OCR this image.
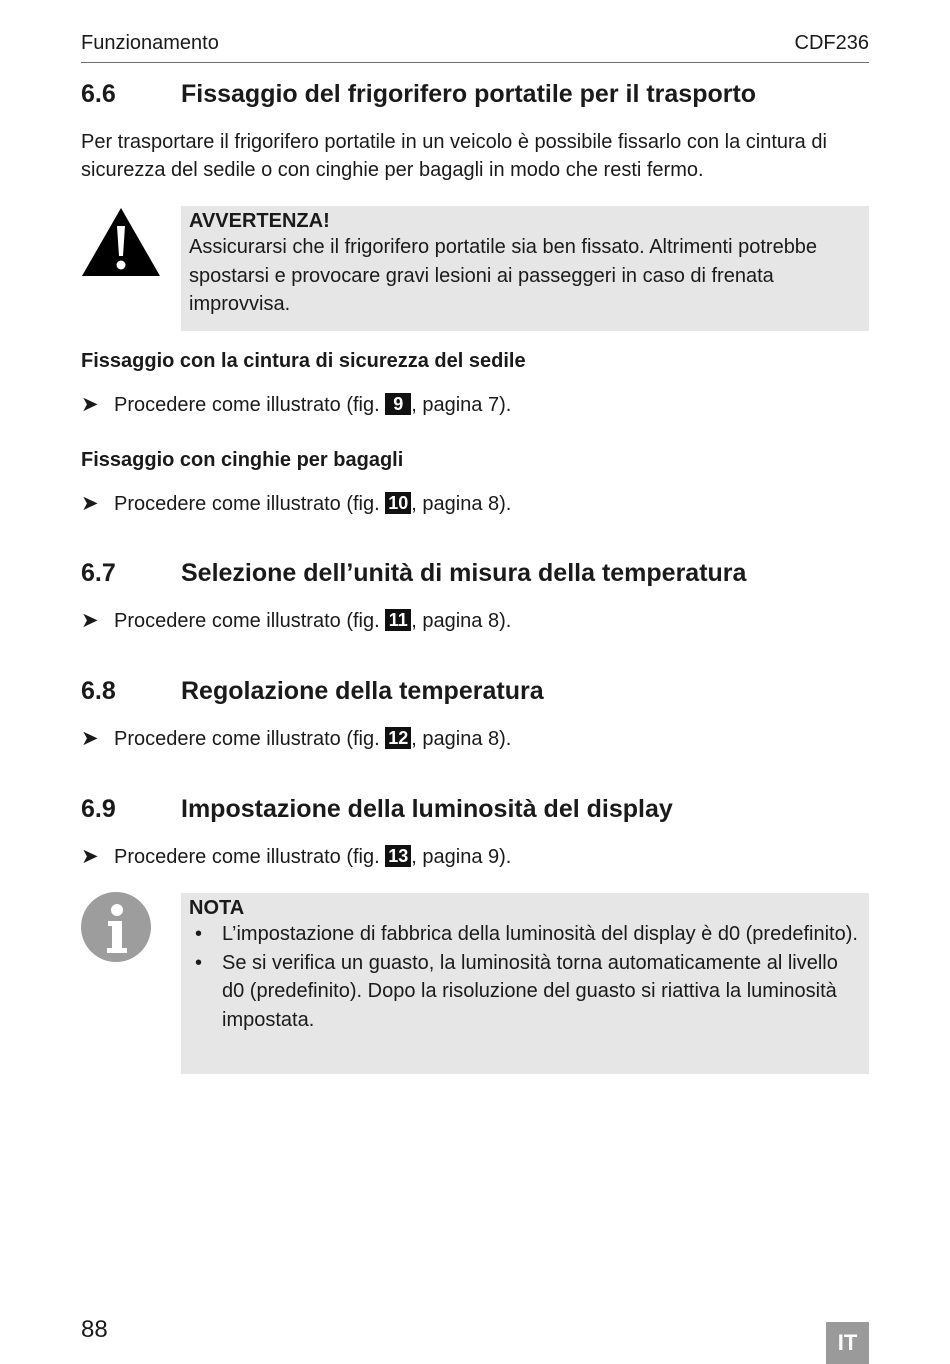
Funzionamento	CDF236
6.6	Fissaggio del frigorifero portatile per il trasporto
Per trasportare il frigorifero portatile in un veicolo è possibile fissarlo con la cintura di sicurezza del sedile o con cinghie per bagagli in modo che resti fermo.
AVVERTENZA!
Assicurarsi che il frigorifero portatile sia ben fissato. Altrimenti potrebbe spostarsi e provocare gravi lesioni ai passeggeri in caso di frenata improvvisa.
Fissaggio con la cintura di sicurezza del sedile
➤ Procedere come illustrato (fig. 9 , pagina 7).
Fissaggio con cinghie per bagagli
➤ Procedere come illustrato (fig. 10 , pagina 8).
6.7	Selezione dell’unità di misura della temperatura
➤ Procedere come illustrato (fig. 11 , pagina 8).
6.8	Regolazione della temperatura
➤ Procedere come illustrato (fig. 12 , pagina 8).
6.9	Impostazione della luminosità del display
➤ Procedere come illustrato (fig. 13 , pagina 9).
NOTA
• L’impostazione di fabbrica della luminosità del display è d0 (predefinito).
• Se si verifica un guasto, la luminosità torna automaticamente al livello d0 (predefinito). Dopo la risoluzione del guasto si riattiva la luminosità impostata.
88	IT
